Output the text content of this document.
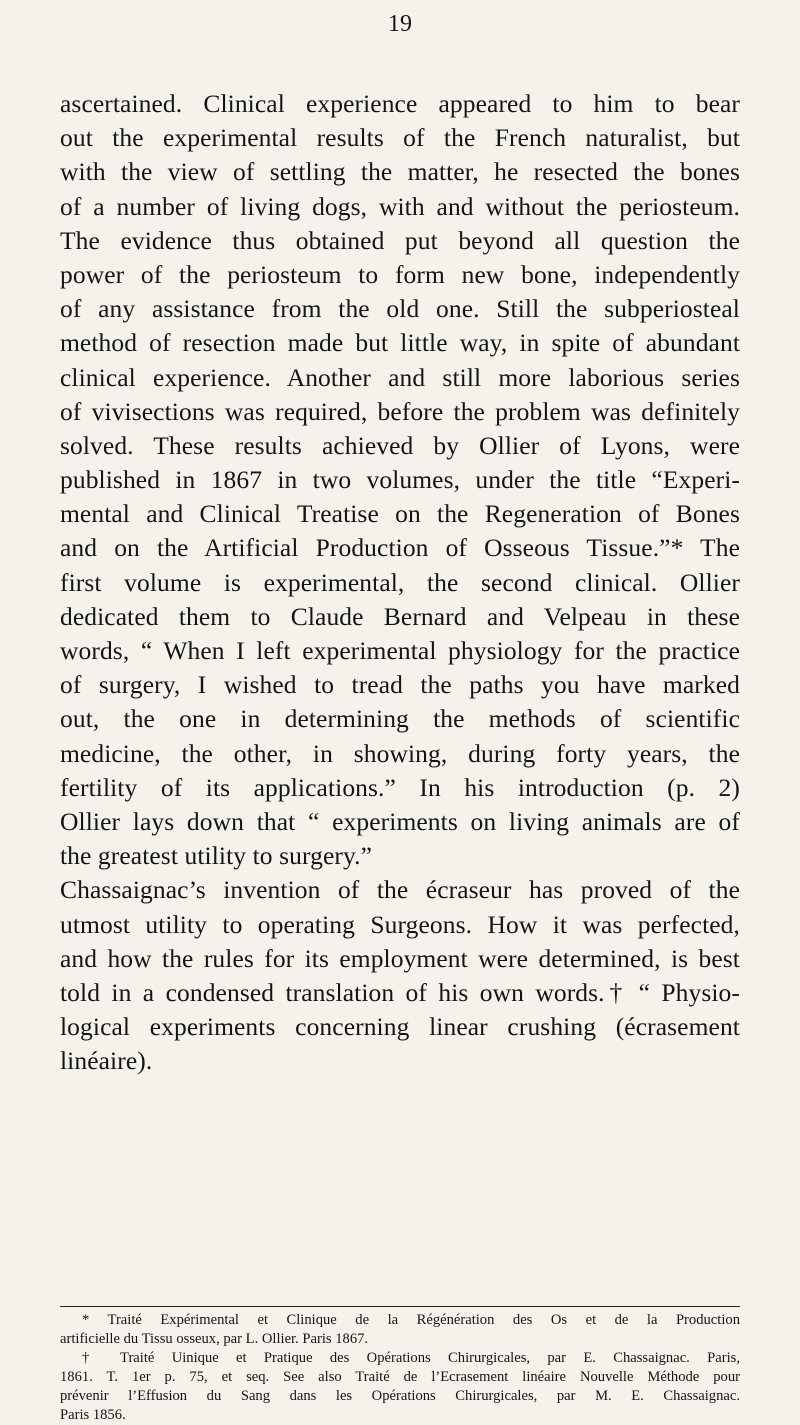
19
ascertained. Clinical experience appeared to him to bear
out the experimental results of the French naturalist, but
with the view of settling the matter, he resected the bones
of a number of living dogs, with and without the periosteum.
The evidence thus obtained put beyond all question the
power of the periosteum to form new bone, independently
of any assistance from the old one. Still the subperiosteal
method of resection made but little way, in spite of abundant
clinical experience. Another and still more laborious series
of vivisections was required, before the problem was definitely
solved. These results achieved by Ollier of Lyons, were
published in 1867 in two volumes, under the title “Experi-
mental and Clinical Treatise on the Regeneration of Bones
and on the Artificial Production of Osseous Tissue.”* The
first volume is experimental, the second clinical. Ollier
dedicated them to Claude Bernard and Velpeau in these
words, “ When I left experimental physiology for the practice
of surgery, I wished to tread the paths you have marked
out, the one in determining the methods of scientific
medicine, the other, in showing, during forty years, the
fertility of its applications.” In his introduction (p. 2)
Ollier lays down that “ experiments on living animals are of
the greatest utility to surgery.”
Chassaignac’s invention of the écraseur has proved of the
utmost utility to operating Surgeons. How it was perfected,
and how the rules for its employment were determined, is best
told in a condensed translation of his own words.† “ Physio-
logical experiments concerning linear crushing (écrasement
linéaire).
* Traité Expérimental et Clinique de la Régénération des Os et de la Production
artificielle du Tissu osseux, par L. Ollier. Paris 1867.
† Traité Uinique et Pratique des Opérations Chirurgicales, par E. Chassaignac. Paris,
1861. T. 1er p. 75, et seq. See also Traité de l’Ecrasement linéaire Nouvelle Méthode pour
prévenir l’Effusion du Sang dans les Opérations Chirurgicales, par M. E. Chassaignac.
Paris 1856.
